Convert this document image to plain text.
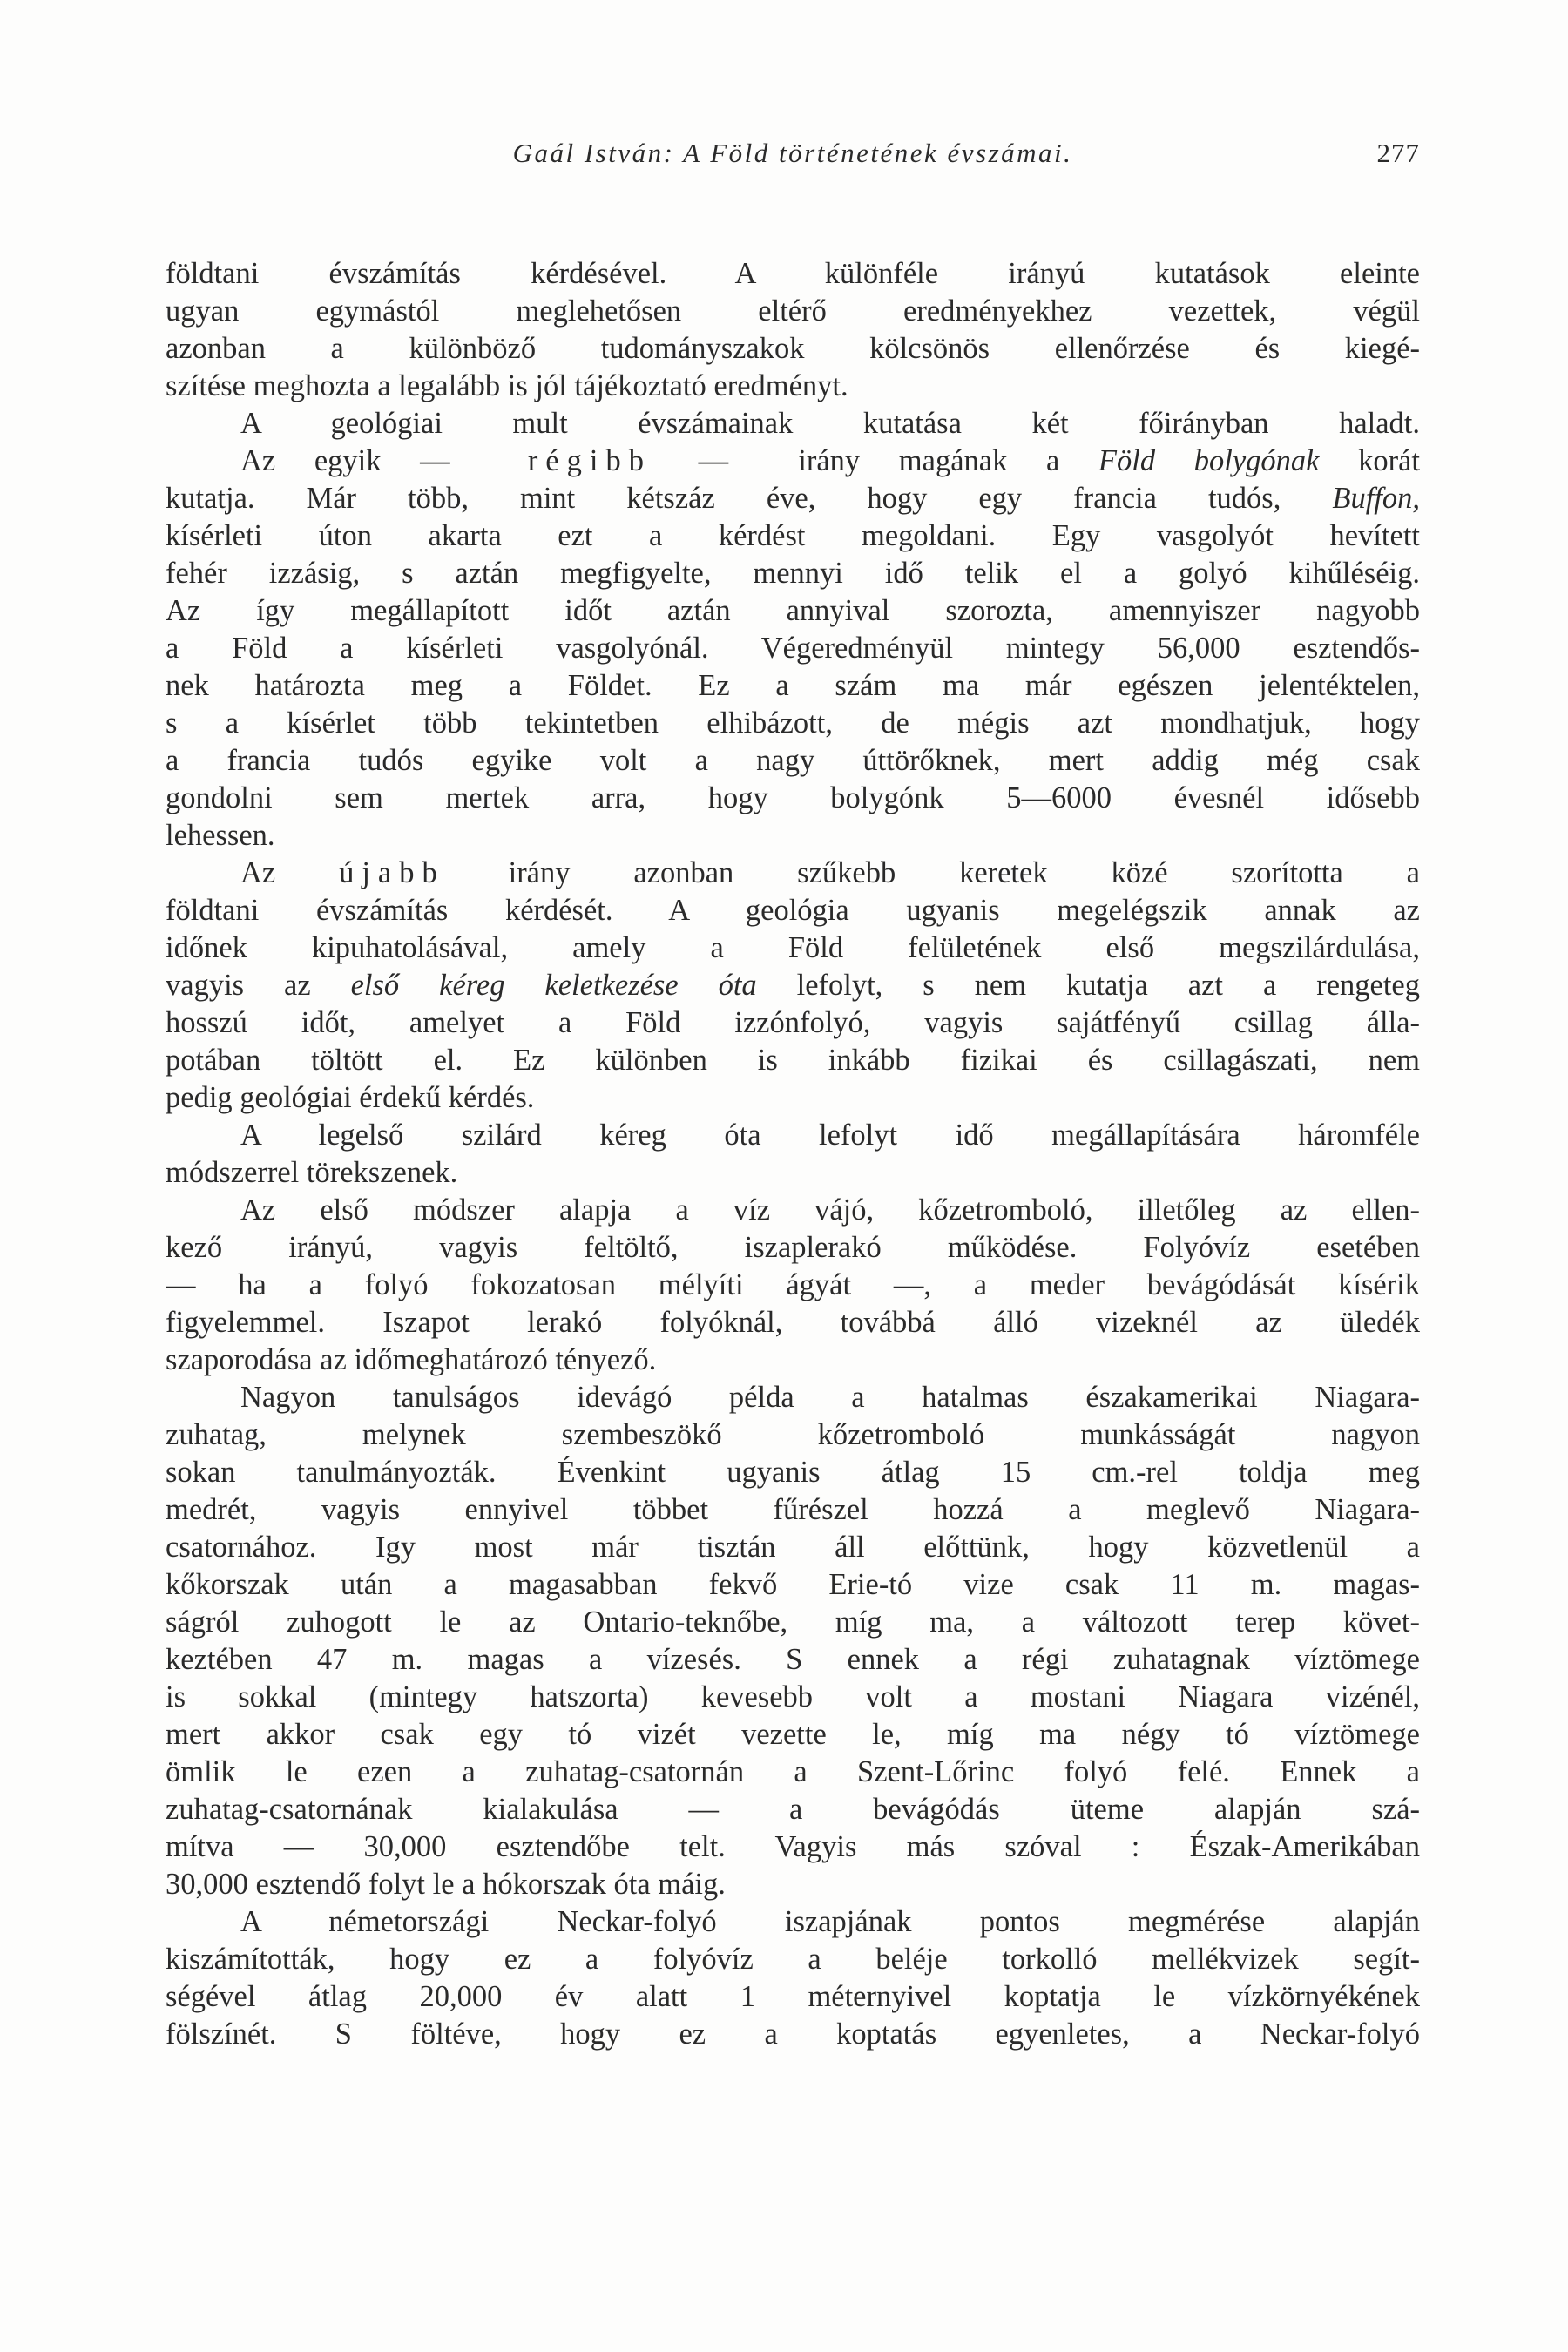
Gaál István: A Föld történetének évszámai.	277
földtani évszámítás kérdésével. A különféle irányú kutatások eleinte
ugyan egymástól meglehetősen eltérő eredményekhez vezettek, végül
azonban a különböző tudományszakok kölcsönös ellenőrzése és kiegé-
szítése meghozta a legalább is jól tájékoztató eredményt.
A geológiai mult évszámainak kutatása két főirányban haladt.
Az egyik — régibb — irány magának a Föld bolygónak korát
kutatja. Már több, mint kétszáz éve, hogy egy francia tudós, Buffon,
kísérleti úton akarta ezt a kérdést megoldani. Egy vasgolyót hevített
fehér izzásig, s aztán megfigyelte, mennyi idő telik el a golyó kihűléséig.
Az így megállapított időt aztán annyival szorozta, amennyiszer nagyobb
a Föld a kísérleti vasgolyónál. Végeredményül mintegy 56,000 esztendős-
nek határozta meg a Földet. Ez a szám ma már egészen jelentéktelen,
s a kísérlet több tekintetben elhibázott, de mégis azt mondhatjuk, hogy
a francia tudós egyike volt a nagy úttörőknek, mert addig még csak
gondolni sem mertek arra, hogy bolygónk 5—6000 évesnél idősebb
lehessen.
Az újabb irány azonban szűkebb keretek közé szorította a
földtani évszámítás kérdését. A geológia ugyanis megelégszik annak az
időnek kipuhatolásával, amely a Föld felületének első megszilárdulása,
vagyis az első kéreg keletkezése óta lefolyt, s nem kutatja azt a rengeteg
hosszú időt, amelyet a Föld izzónfolyó, vagyis sajátfényű csillag álla-
potában töltött el. Ez különben is inkább fizikai és csillagászati, nem
pedig geológiai érdekű kérdés.
A legelső szilárd kéreg óta lefolyt idő megállapítására háromféle
módszerrel törekszenek.
Az első módszer alapja a víz vájó, kőzetromboló, illetőleg az ellen-
kező irányú, vagyis feltöltő, iszaplerakó működése. Folyóvíz esetében
— ha a folyó fokozatosan mélyíti ágyát —, a meder bevágódását kísérik
figyelemmel. Iszapot lerakó folyóknál, továbbá álló vizeknél az üledék
szaporodása az időmeghatározó tényező.
Nagyon tanulságos idevágó példa a hatalmas északamerikai Niagara-
zuhatag, melynek szembeszökő kőzetromboló munkásságát nagyon
sokan tanulmányozták. Évenkint ugyanis átlag 15 cm.-rel toldja meg
medrét, vagyis ennyivel többet fűrészel hozzá a meglevő Niagara-
csatornához. Igy most már tisztán áll előttünk, hogy közvetlenül a
kőkorszak után a magasabban fekvő Erie-tó vize csak 11 m. magas-
ságról zuhogott le az Ontario-teknőbe, míg ma, a változott terep követ-
keztében 47 m. magas a vízesés. S ennek a régi zuhatagnak víztömege
is sokkal (mintegy hatszorta) kevesebb volt a mostani Niagara vizénél,
mert akkor csak egy tó vizét vezette le, míg ma négy tó víztömege
ömlik le ezen a zuhatag-csatornán a Szent-Lőrinc folyó felé. Ennek a
zuhatag-csatornának kialakulása — a bevágódás üteme alapján szá-
mítva — 30,000 esztendőbe telt. Vagyis más szóval : Észak-Amerikában
30,000 esztendő folyt le a hókorszak óta máig.
A németországi Neckar-folyó iszapjának pontos megmérése alapján
kiszámították, hogy ez a folyóvíz a beléje torkolló mellékvizek segít-
ségével átlag 20,000 év alatt 1 méternyivel koptatja le vízkörnyékének
fölszínét. S föltéve, hogy ez a koptatás egyenletes, a Neckar-folyó
